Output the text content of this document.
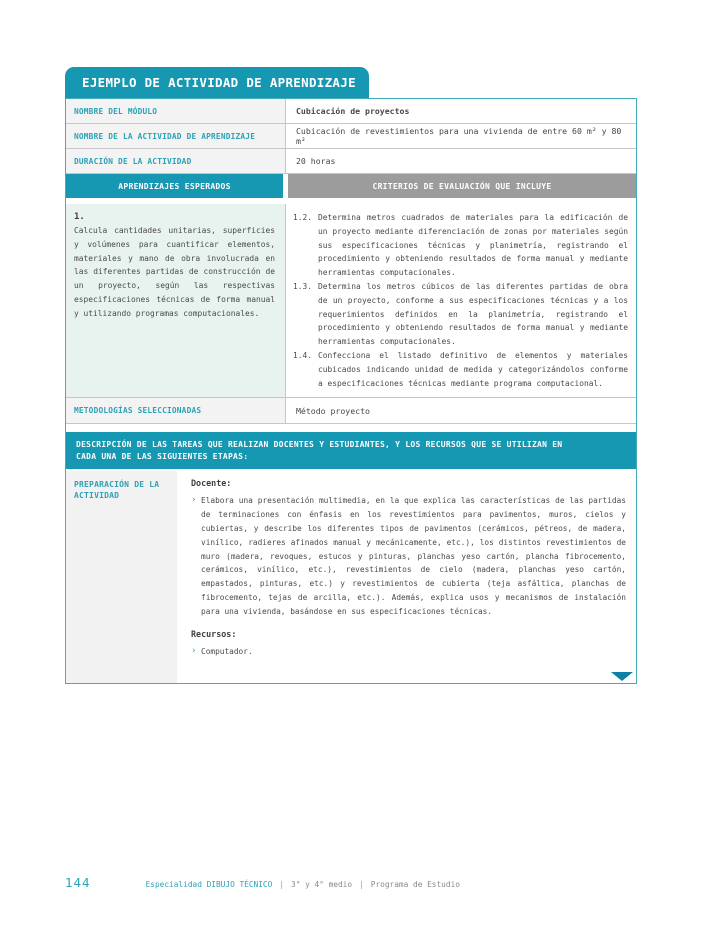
EJEMPLO DE ACTIVIDAD DE APRENDIZAJE
NOMBRE DEL MÓDULO	Cubicación de proyectos
NOMBRE DE LA ACTIVIDAD DE APRENDIZAJE	Cubicación de revestimientos para una vivienda de entre 60 m² y 80 m²
DURACIÓN DE LA ACTIVIDAD	20 horas
APRENDIZAJES ESPERADOS	CRITERIOS DE EVALUACIÓN QUE INCLUYE
1.
Calcula cantidades unitarias, superficies y volúmenes para cuantificar elementos, materiales y mano de obra involucrada en las diferentes partidas de construcción de un proyecto, según las respectivas especificaciones técnicas de forma manual y utilizando programas computacionales.
1.2. Determina metros cuadrados de materiales para la edificación de un proyecto mediante diferenciación de zonas por materiales según sus especificaciones técnicas y planimetría, registrando el procedimiento y obteniendo resultados de forma manual y mediante herramientas computacionales.
1.3. Determina los metros cúbicos de las diferentes partidas de obra de un proyecto, conforme a sus especificaciones técnicas y a los requerimientos definidos en la planimetría, registrando el procedimiento y obteniendo resultados de forma manual y mediante herramientas computacionales.
1.4. Confecciona el listado definitivo de elementos y materiales cubicados indicando unidad de medida y categorizándolos conforme a especificaciones técnicas mediante programa computacional.
METODOLOGÍAS SELECCIONADAS	Método proyecto
DESCRIPCIÓN DE LAS TAREAS QUE REALIZAN DOCENTES Y ESTUDIANTES, Y LOS RECURSOS QUE SE UTILIZAN EN CADA UNA DE LAS SIGUIENTES ETAPAS:
PREPARACIÓN DE LA ACTIVIDAD
Docente:
› Elabora una presentación multimedia, en la que explica las características de las partidas de terminaciones con énfasis en los revestimientos para pavimentos, muros, cielos y cubiertas, y describe los diferentes tipos de pavimentos (cerámicos, pétreos, de madera, vinílico, radieres afinados manual y mecánicamente, etc.), los distintos revestimientos de muro (madera, revoques, estucos y pinturas, planchas yeso cartón, plancha fibrocemento, cerámicos, vinílico, etc.), revestimientos de cielo (madera, planchas yeso cartón, empastados, pinturas, etc.) y revestimientos de cubierta (teja asfáltica, planchas de fibrocemento, tejas de arcilla, etc.). Además, explica usos y mecanismos de instalación para una vivienda, basándose en sus especificaciones técnicas.
Recursos:
› Computador.
144	Especialidad DIBUJO TÉCNICO | 3° y 4° medio | Programa de Estudio
